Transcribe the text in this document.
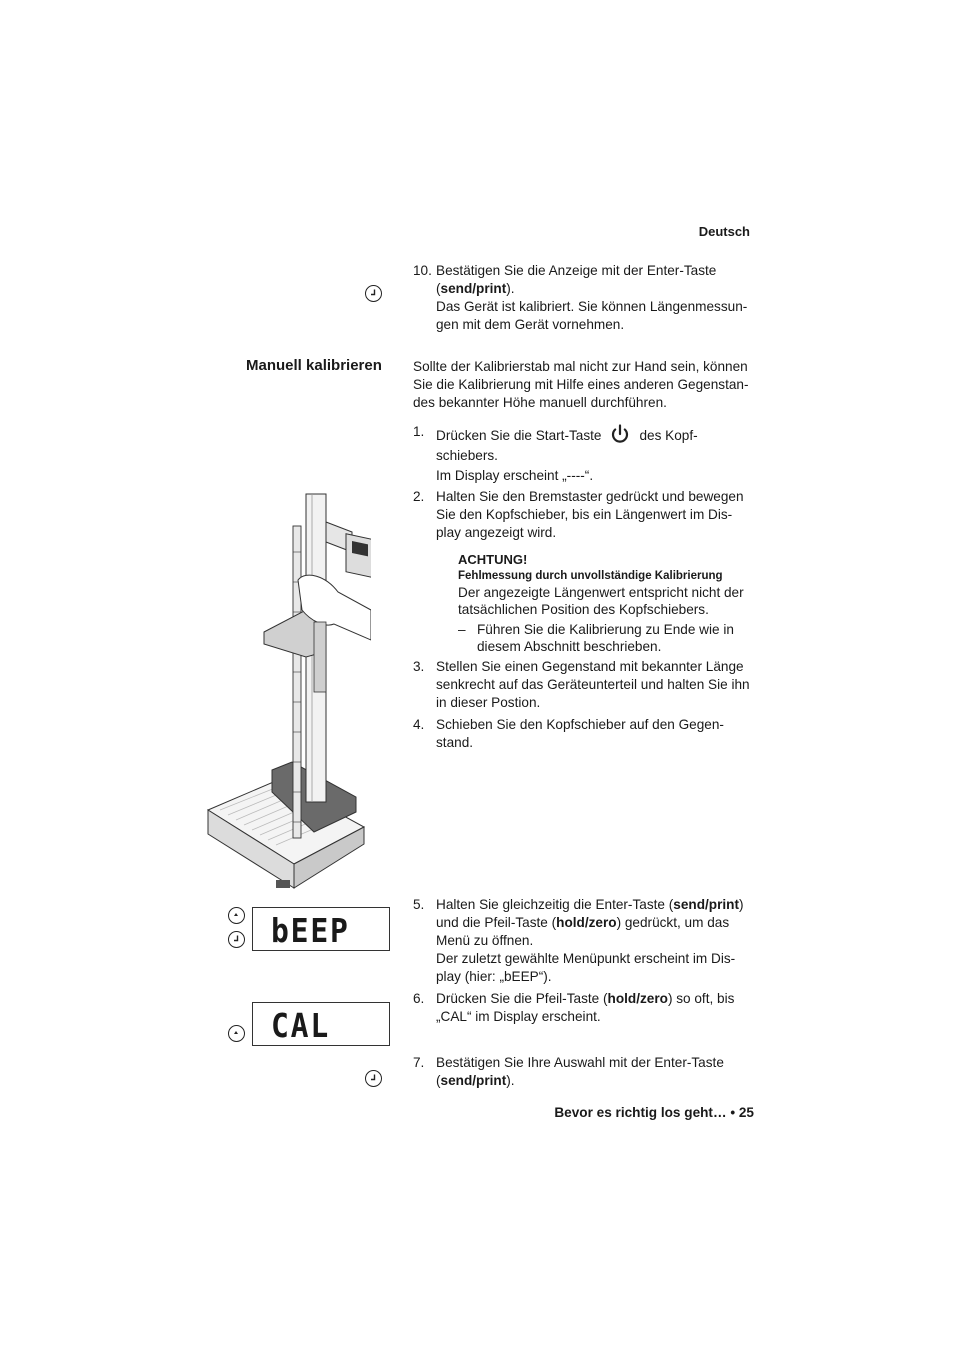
Deutsch
10. Bestätigen Sie die Anzeige mit der Enter-Taste
(send/print).
Das Gerät ist kalibriert. Sie können Längenmessun-
gen mit dem Gerät vornehmen.
Manuell kalibrieren	Sollte der Kalibrierstab mal nicht zur Hand sein, können
Sie die Kalibrierung mit Hilfe eines anderen Gegenstan-
des bekannter Höhe manuell durchführen.
1. Drücken Sie die Start-Taste	des Kopf-
schiebers.
Im Display erscheint „----“.
2. Halten Sie den Bremstaster gedrückt und bewegen
Sie den Kopfschieber, bis ein Längenwert im Dis-
play angezeigt wird.
ACHTUNG!
Fehlmessung durch unvollständige Kalibrierung
Der angezeigte Längenwert entspricht nicht der
tatsächlichen Position des Kopfschiebers.
– Führen Sie die Kalibrierung zu Ende wie in
diesem Abschnitt beschrieben.
3. Stellen Sie einen Gegenstand mit bekannter Länge
senkrecht auf das Geräteunterteil und halten Sie ihn
in dieser Postion.
4. Schieben Sie den Kopfschieber auf den Gegen-
stand.
bEEP
CAL
5. Halten Sie gleichzeitig die Enter-Taste (send/print)
und die Pfeil-Taste (hold/zero) gedrückt, um das
Menü zu öffnen.
Der zuletzt gewählte Menüpunkt erscheint im Dis-
play (hier: „bEEP“).
6. Drücken Sie die Pfeil-Taste (hold/zero) so oft, bis
„CAL“ im Display erscheint.
7. Bestätigen Sie Ihre Auswahl mit der Enter-Taste
(send/print).
Bevor es richtig los geht… • 25
